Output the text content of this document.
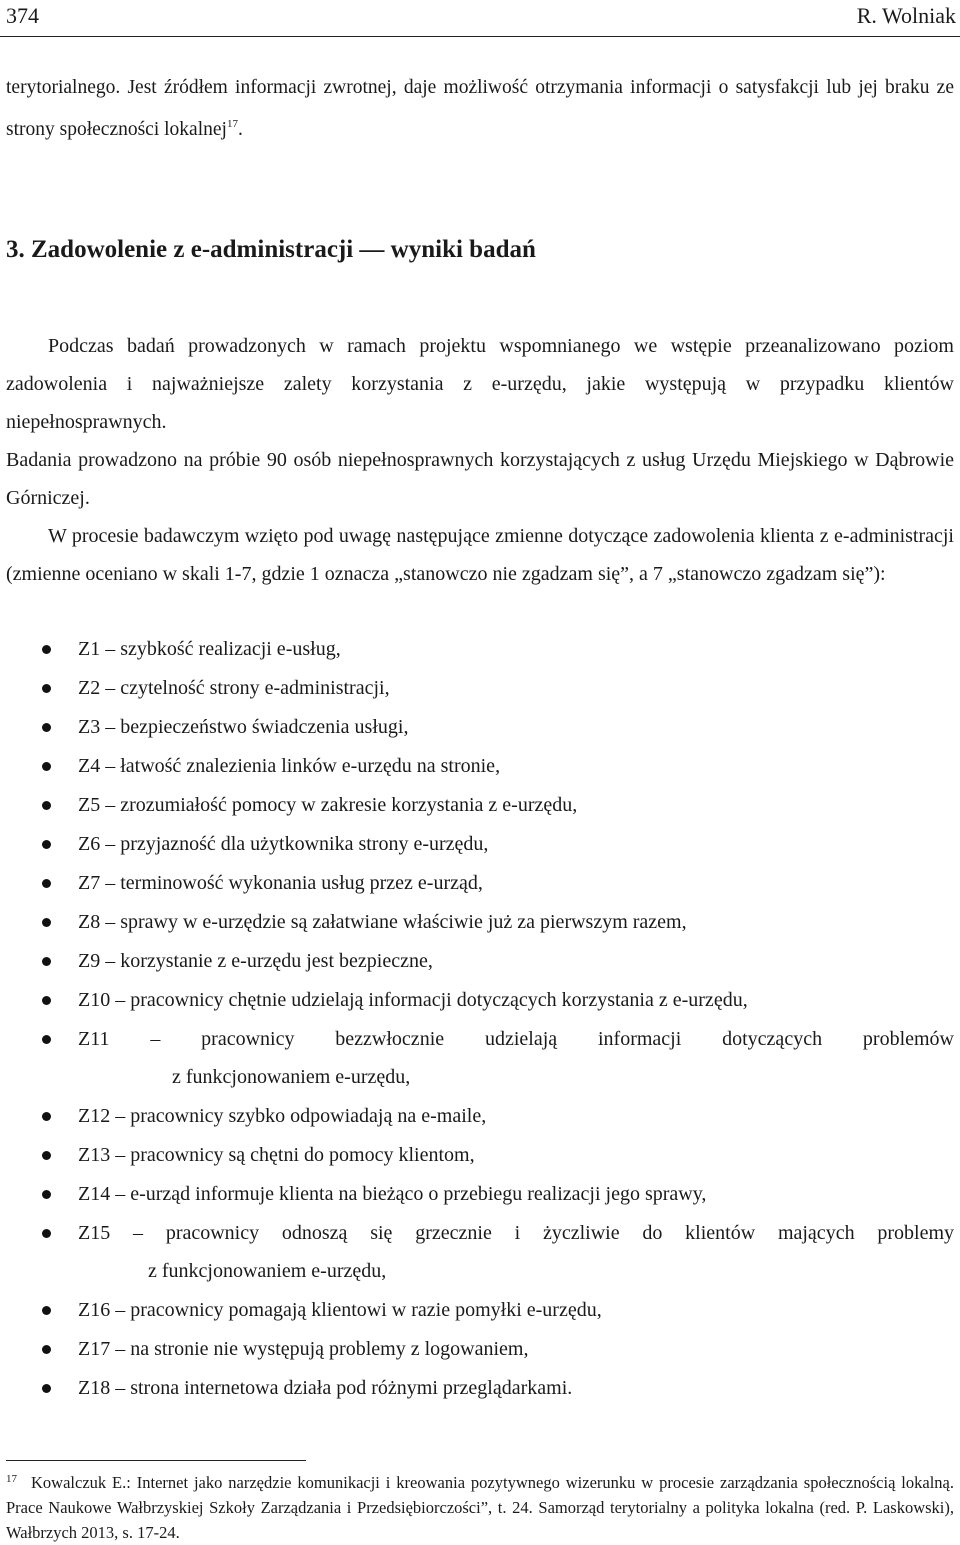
374	R. Wolniak
terytorialnego. Jest źródłem informacji zwrotnej, daje możliwość otrzymania informacji o satysfakcji lub jej braku ze strony społeczności lokalnej$^{17}$.
3. Zadowolenie z e-administracji — wyniki badań
Podczas badań prowadzonych w ramach projektu wspomnianego we wstępie przeanalizowano poziom zadowolenia i najważniejsze zalety korzystania z e-urzędu, jakie występują w przypadku klientów niepełnosprawnych.
Badania prowadzono na próbie 90 osób niepełnosprawnych korzystających z usług Urzędu Miejskiego w Dąbrowie Górniczej.
W procesie badawczym wzięto pod uwagę następujące zmienne dotyczące zadowolenia klienta z e-administracji (zmienne oceniano w skali 1-7, gdzie 1 oznacza „stanowczo nie zgadzam się”, a 7 „stanowczo zgadzam się”):
Z1 – szybkość realizacji e-usług,
Z2 – czytelność strony e-administracji,
Z3 – bezpieczeństwo świadczenia usługi,
Z4 – łatwość znalezienia linków e-urzędu na stronie,
Z5 – zrozumiałość pomocy w zakresie korzystania z e-urzędu,
Z6 – przyjazność dla użytkownika strony e-urzędu,
Z7 – terminowość wykonania usług przez e-urząd,
Z8 – sprawy w e-urzędzie są załatwiane właściwie już za pierwszym razem,
Z9 – korzystanie z e-urzędu jest bezpieczne,
Z10 – pracownicy chętnie udzielają informacji dotyczących korzystania z e-urzędu,
Z11 – pracownicy bezzwłocznie udzielają informacji dotyczących problemów
z funkcjonowaniem e-urzędu,
Z12 – pracownicy szybko odpowiadają na e-maile,
Z13 – pracownicy są chętni do pomocy klientom,
Z14 – e-urząd informuje klienta na bieżąco o przebiegu realizacji jego sprawy,
Z15 – pracownicy odnoszą się grzecznie i życzliwie do klientów mających problemy
z funkcjonowaniem e-urzędu,
Z16 – pracownicy pomagają klientowi w razie pomyłki e-urzędu,
Z17 – na stronie nie występują problemy z logowaniem,
Z18 – strona internetowa działa pod różnymi przeglądarkami.
$^{17}$ Kowalczuk E.: Internet jako narzędzie komunikacji i kreowania pozytywnego wizerunku w procesie zarządzania społecznością lokalną. Prace Naukowe Wałbrzyskiej Szkoły Zarządzania i Przedsiębiorczości”, t. 24. Samorząd terytorialny a polityka lokalna (red. P. Laskowski), Wałbrzych 2013, s. 17-24.
